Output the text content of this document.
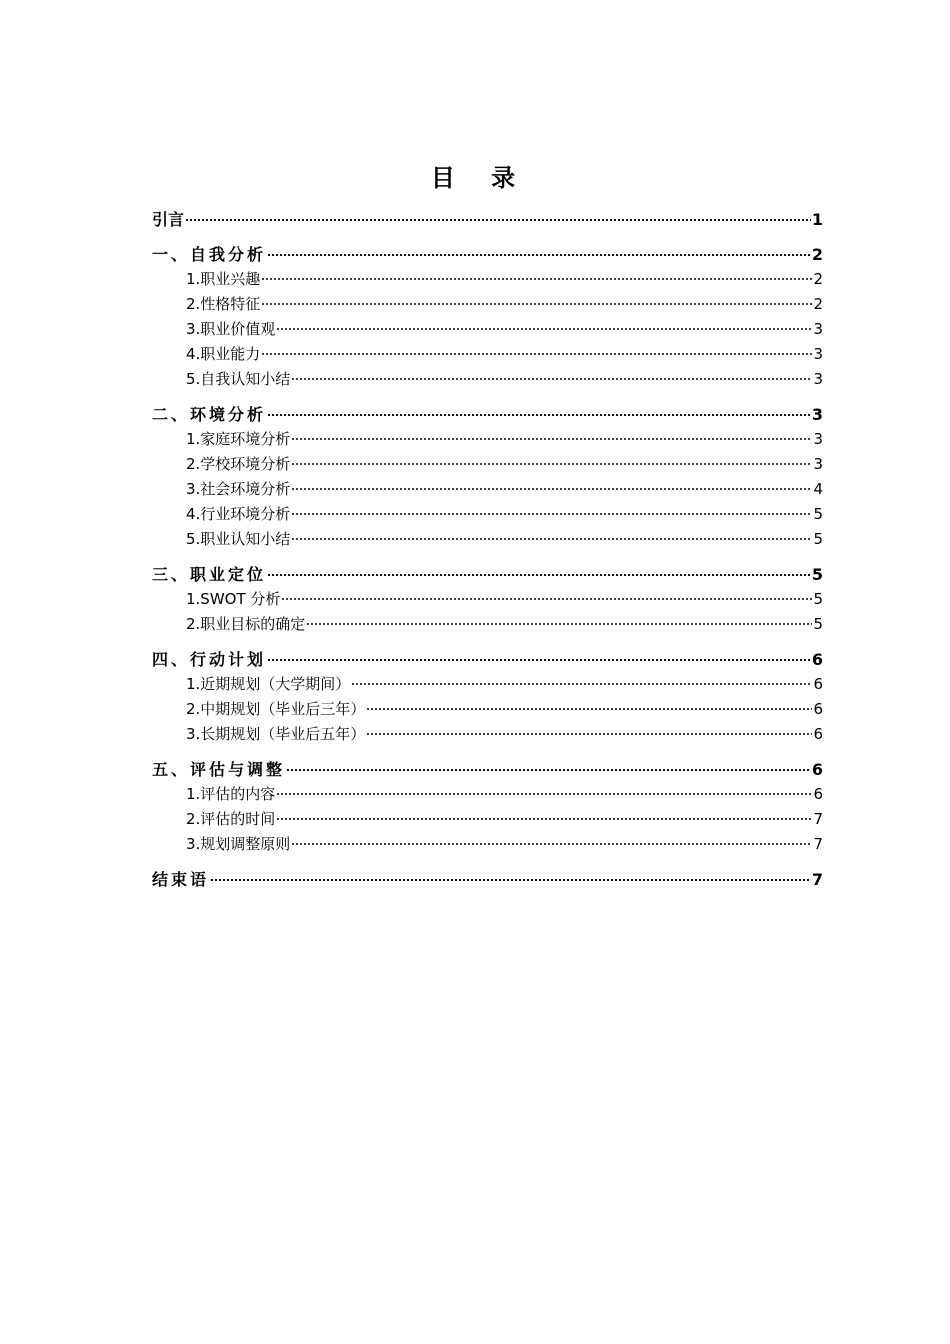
目 录
引言	1
一、自我分析	2
1.职业兴趣	2
2.性格特征	2
3.职业价值观	3
4.职业能力	3
5.自我认知小结	3
二、环境分析	3
1.家庭环境分析	3
2.学校环境分析	3
3.社会环境分析	4
4.行业环境分析	5
5.职业认知小结	5
三、职业定位	5
1.SWOT 分析	5
2.职业目标的确定	5
四、行动计划	6
1.近期规划（大学期间）	6
2.中期规划（毕业后三年）	6
3.长期规划（毕业后五年）	6
五、评估与调整	6
1.评估的内容	6
2.评估的时间	7
3.规划调整原则	7
结束语	7
